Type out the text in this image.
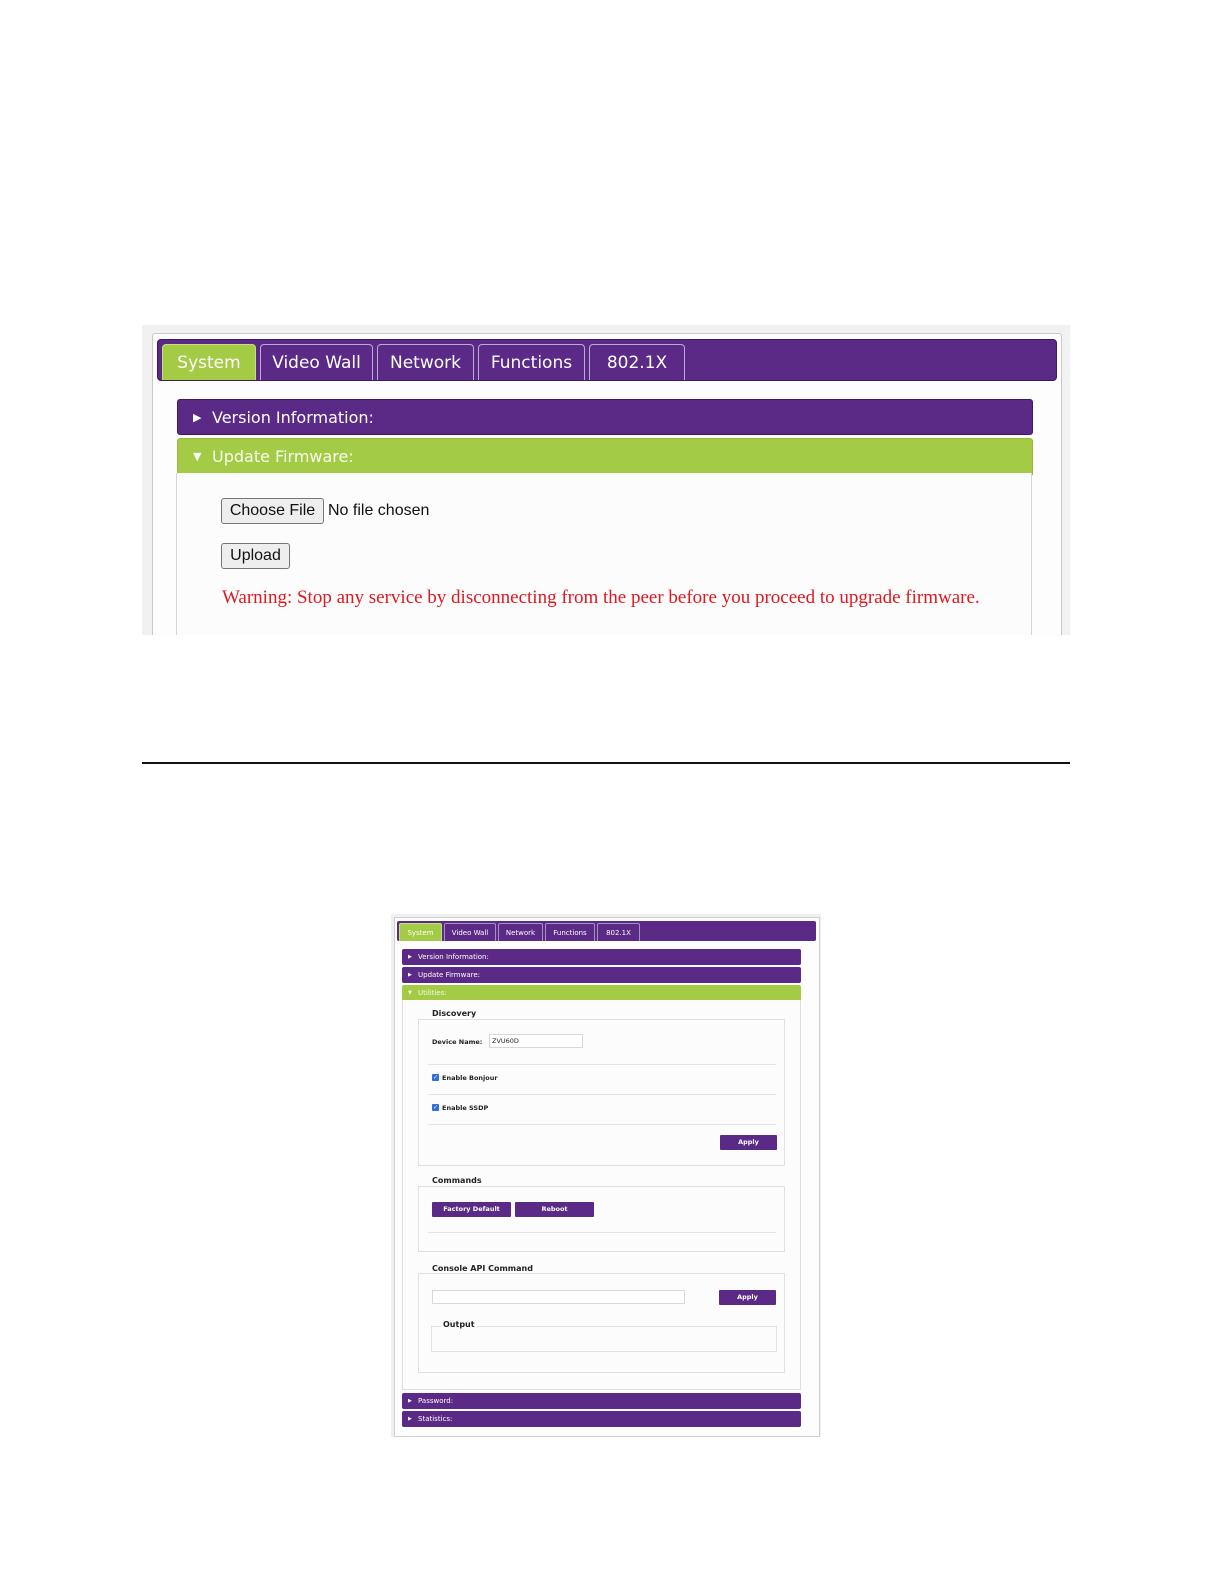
System	Video Wall	Network	Functions	802.1X
▶ Version Information:
▼ Update Firmware:
Choose File No file chosen
Upload
Warning: Stop any service by disconnecting from the peer before you proceed to upgrade firmware.
System	Video Wall	Network	Functions	802.1X
▶ Version Information:
▶ Update Firmware:
▼ Utilities:
Discovery
Device Name:	ZVU60D
✓ Enable Bonjour
✓ Enable SSDP
Apply
Commands
Factory Default	Reboot
Console API Command
Apply
Output
▶ Password:
▶ Statistics:
